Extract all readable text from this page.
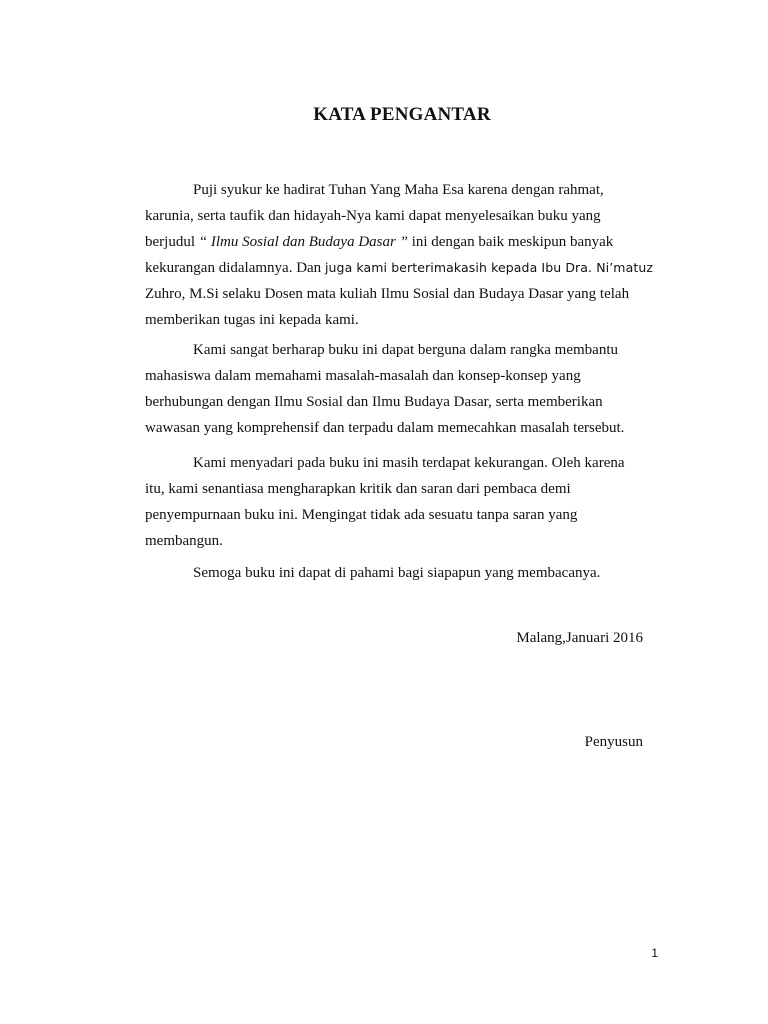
KATA PENGANTAR
Puji syukur ke hadirat Tuhan Yang Maha Esa karena dengan rahmat,
karunia, serta taufik dan hidayah-Nya kami dapat menyelesaikan buku yang
berjudul “ Ilmu Sosial dan Budaya Dasar ” ini dengan baik meskipun banyak
kekurangan didalamnya. Dan juga kami berterimakasih kepada Ibu Dra. Ni’matuz
Zuhro, M.Si selaku Dosen mata kuliah Ilmu Sosial dan Budaya Dasar yang telah
memberikan tugas ini kepada kami.
Kami sangat berharap buku ini dapat berguna dalam rangka membantu
mahasiswa dalam memahami masalah-masalah dan konsep-konsep yang
berhubungan dengan Ilmu Sosial dan Ilmu Budaya Dasar, serta memberikan
wawasan yang komprehensif dan terpadu dalam memecahkan masalah tersebut.
Kami menyadari pada buku ini masih terdapat kekurangan. Oleh karena
itu, kami senantiasa mengharapkan kritik dan saran dari pembaca demi
penyempurnaan buku ini. Mengingat tidak ada sesuatu tanpa saran yang
membangun.
Semoga buku ini dapat di pahami bagi siapapun yang membacanya.

Malang,Januari 2016

Penyusun

1
